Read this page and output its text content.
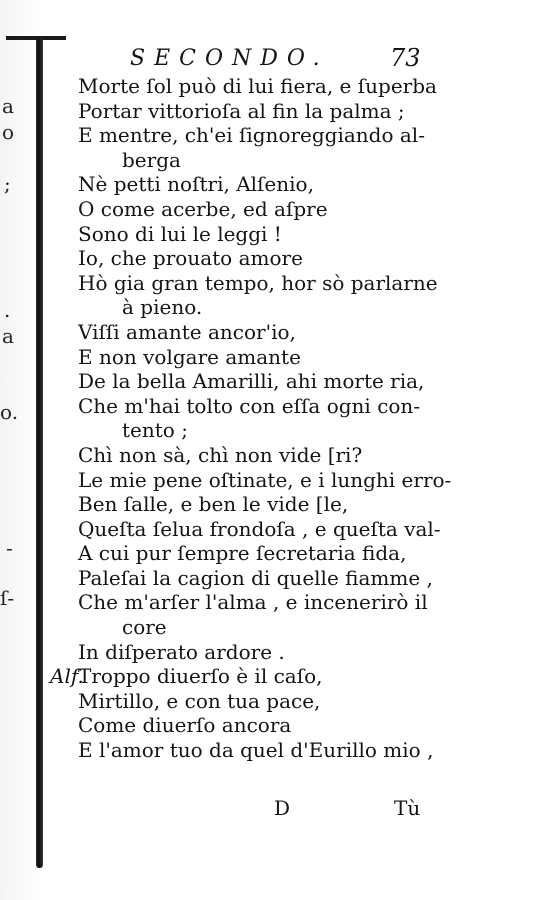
a
o
;
.
a
o.
-
ſ-
SECONDO.	73
Morte ſol può di lui fiera, e ſuperba
Portar vittorioſa al fin la palma ;
E mentre, ch'ei ſignoreggiando al-
berga
Nè petti noſtri, Alſenio,
O come acerbe, ed aſpre
Sono di lui le leggi !
Io, che prouato amore
Hò gia gran tempo, hor sò parlarne
à pieno.
Viſſi amante ancor'io,
E non volgare amante
De la bella Amarilli, ahi morte ria,
Che m'hai tolto con eſſa ogni con-
tento ;
Chì non sà, chì non vide [ri?
Le mie pene oſtinate, e i lunghi erro-
Ben ſalle, e ben le vide [le,
Queſta ſelua frondoſa , e queſta val-
A cui pur ſempre ſecretaria fida,
Paleſai la cagion di quelle fiamme ,
Che m'arſer l'alma , e incenerirò il
core
In diſperato ardore .
Alf.
Troppo diuerſo è il caſo,
Mirtillo, e con tua pace,
Come diuerſo ancora
E l'amor tuo da quel d'Eurillo mio ,
D	Tù
